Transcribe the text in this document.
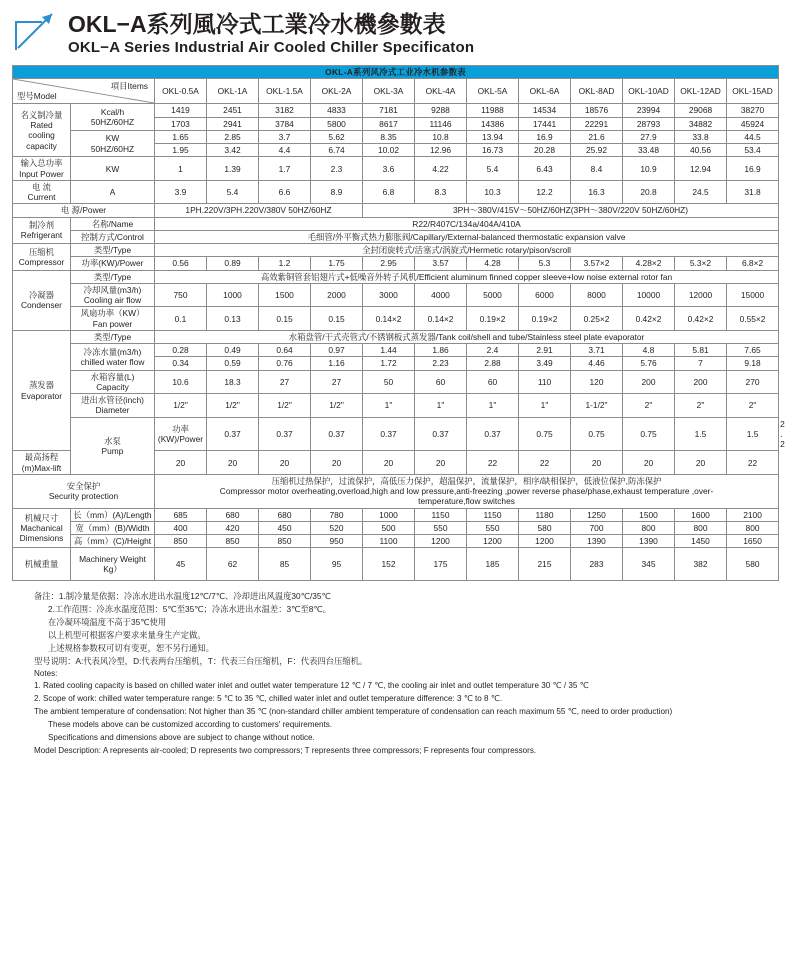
OKL−A系列風冷式工業冷水機參數表
OKL−A Series Industrial Air Cooled Chiller Specificaton
OKL-A系列风冷式工业冷水机参数表														

型号Model
項目Items		OKL-0.5A	OKL-1A	OKL-1.5A	OKL-2A	OKL-3A	OKL-4A	OKL-5A	OKL-6A	OKL-8AD	OKL-10AD	OKL-12AD	OKL-15AD	
名义制冷量
Rated
cooling
capacity	Kcal/h
50HZ/60HZ	1419	2451	3182	4833	7181	9288	11988	14534	18576	23994	29068	38270	
		1703	2941	3784	5800	8617	11146	14386	17441	22291	28793	34882	45924	
	KW
50HZ/60HZ	1.65	2.85	3.7	5.62	8.35	10.8	13.94	16.9	21.6	27.9	33.8	44.5	
		1.95	3.42	4.4	6.74	10.02	12.96	16.73	20.28	25.92	33.48	40.56	53.4	
输入总功率
Input Power	KW	1	1.39	1.7	2.3	3.6	4.22	5.4	6.43	8.4	10.9	12.94	16.9	
电 流
Current	A	3.9	5.4	6.6	8.9	6.8	8.3	10.3	12.2	16.3	20.8	24.5	31.8	
电 源/Power		1PH.220V/3PH.220V/380V 50HZ/60HZ				3PH～380V/415V～50HZ/60HZ(3PH～380V/220V 50HZ/60HZ)								
制冷剂
Refrigerant	名称/Name	R22/R407C/134a/404A/410A												
	控制方式/Control	毛细管/外平衡式热力膨胀阀/Capillary/External-balanced thermostatic expansion valve												
压缩机
Compressor	类型/Type	全封闭旋转式/活塞式/涡旋式/Hermetic rotary/pison/scroll												
	功率(KW)/Power	0.56	0.89	1.2	1.75	2.95	3.57	4.28	5.3	3.57×2	4.28×2	5.3×2	6.8×2	
冷凝器
Condenser	类型/Type	高效紫铜管套铝翅片式+低噪音外转子风机/Efficient aluminum finned copper sleeve+low noise external rotor fan												
	冷却风量(m3/h)
Cooling air flow	750	1000	1500	2000	3000	4000	5000	6000	8000	10000	12000	15000	
	风扇功率（KW）
Fan power	0.1	0.13	0.15	0.15	0.14×2	0.14×2	0.19×2	0.19×2	0.25×2	0.42×2	0.42×2	0.55×2	
蒸发器
Evaporator	类型/Type	水箱盘管/干式壳管式/不锈钢板式蒸发器/Tank coil/shell and tube/Stainless steel plate evaporator												
	冷冻水量(m3/h)
chilled water flow	0.28	0.49	0.64	0.97	1.44	1.86	2.4	2.91	3.71	4.8	5.81	7.65	
		0.34	0.59	0.76	1.16	1.72	2.23	2.88	3.49	4.46	5.76	7	9.18	
	水箱容量(L)
Capacity	10.6	18.3	27	27	50	60	60	110	120	200	200	270	
	进出水管径(inch)
Diameter	1/2"	1/2"	1/2"	1/2"	1"	1"	1"	1"	1-1/2"	2"	2"	2"	
	水泵
Pump	功率(KW)/Power	0.37	0.37	0.37	0.37	0.37	0.37	0.75	0.75	0.75	1.5	1.5	2.2
最高扬程(m)Max-lift		20	20	20	20	20	20	22	22	20	20	20	22	
安全保护
Security protection		压缩机过热保护，过流保护，高低压力保护，超温保护，流量保护，相序/缺相保护，低液位保护,防冻保护
Compressor motor overheating,overload,high and low pressure,anti-freezing ,power reverse phase/phase,exhaust temperature ,over-
temperature,flow switches												

机械尺寸
Machanical
Dimensions	长（mm）(A)/Length	685	680	680	780	1000	1150	1150	1180	1250	1500	1600	2100	
	宽（mm）(B)/Width	400	420	450	520	500	550	550	580	700	800	800	800	
	高（mm）(C)/Height	850	850	850	950	1100	1200	1200	1200	1390	1390	1450	1650	
机械重量	Machinery Weight
Kg）	45	62	85	95	152	175	185	215	283	345	382	580	

备注：1.制冷量是依据：冷冻水进出水温度12℃/7℃、冷却进出风温度30℃/35℃

2.工作范围：冷冻水温度范围：5℃至35℃；冷冻水进出水温差：3℃至8℃。

在冷凝环境温度不高于35℃使用

以上机型可根据客户要求来量身生产定做。

上述规格参数权可切有变更，恕不另行通知。

型号说明：A:代表风冷型，D:代表两台压缩机，T：代表三台压缩机，F：代表四台压缩机。

Notes:

1. Rated cooling capacity is based on chilled water inlet and outlet water temperature 12 ℃ / 7 ℃, the cooling air inlet and outlet temperature 30 ℃ / 35 ℃

2. Scope of work: chilled water temperature range: 5 ℃ to 35 ℃, chilled water inlet and outlet temperature difference: 3 ℃ to 8 ℃.

The ambient temperature of condensation: Not higher than 35 ℃ (non-standard chiller ambient temperature of condensation can reach maximum 55 ℃, need to order production)

These models above can be customized according to customers' requirements.

Specifications and dimensions above are subject to change without notice.

Model Description: A represents air-cooled; D represents two compressors; T represents three compressors; F represents four compressors.
